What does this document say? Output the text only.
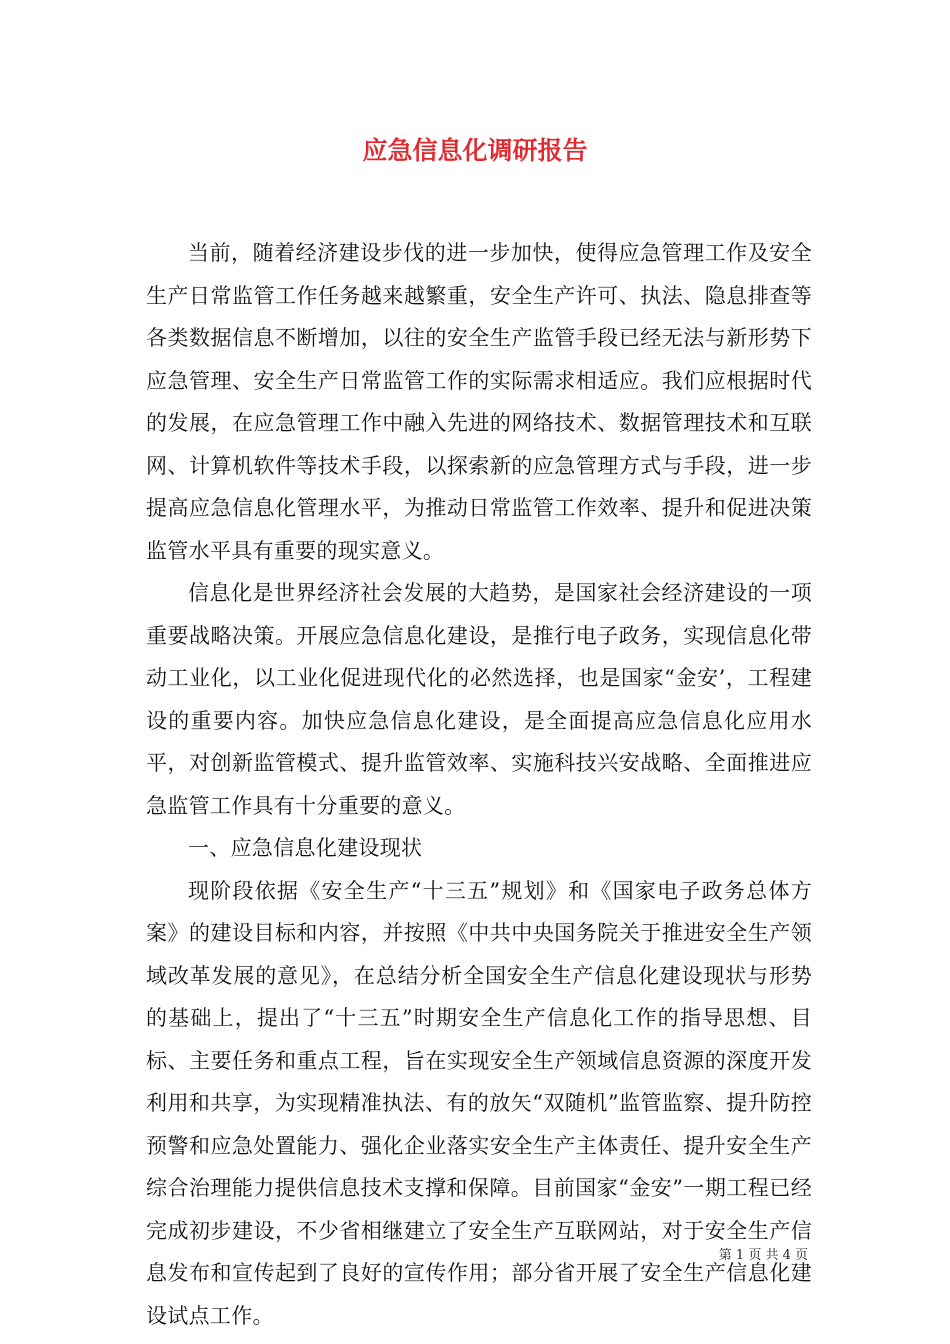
应急信息化调研报告

当前，随着经济建设步伐的进一步加快，使得应急管理工作及安全生产日常监管工作任务越来越繁重，安全生产许可、执法、隐息排查等各类数据信息不断增加，以往的安全生产监管手段已经无法与新形势下应急管理、安全生产日常监管工作的实际需求相适应。我们应根据时代的发展，在应急管理工作中融入先进的网络技术、数据管理技术和互联网、计算机软件等技术手段，以探索新的应急管理方式与手段，进一步提高应急信息化管理水平，为推动日常监管工作效率、提升和促进决策监管水平具有重要的现实意义。

信息化是世界经济社会发展的大趋势，是国家社会经济建设的一项重要战略决策。开展应急信息化建设，是推行电子政务，实现信息化带动工业化，以工业化促进现代化的必然选择，也是国家“金安’，工程建设的重要内容。加快应急信息化建设，是全面提高应急信息化应用水平，对创新监管模式、提升监管效率、实施科技兴安战略、全面推进应急监管工作具有十分重要的意义。

一、应急信息化建设现状

现阶段依据《安全生产“十三五”规划》和《国家电子政务总体方案》的建设目标和内容，并按照《中共中央国务院关于推进安全生产领域改革发展的意见》，在总结分析全国安全生产信息化建设现状与形势的基础上，提出了“十三五”时期安全生产信息化工作的指导思想、目标、主要任务和重点工程，旨在实现安全生产领域信息资源的深度开发利用和共享，为实现精准执法、有的放矢“双随机”监管监察、提升防控预警和应急处置能力、强化企业落实安全生产主体责任、提升安全生产综合治理能力提供信息技术支撑和保障。目前国家“金安”一期工程已经完成初步建设，不少省相继建立了安全生产互联网站，对于安全生产信息发布和宣传起到了良好的宣传作用；部分省开展了安全生产信息化建设试点工作。

第 1 页 共 4 页
